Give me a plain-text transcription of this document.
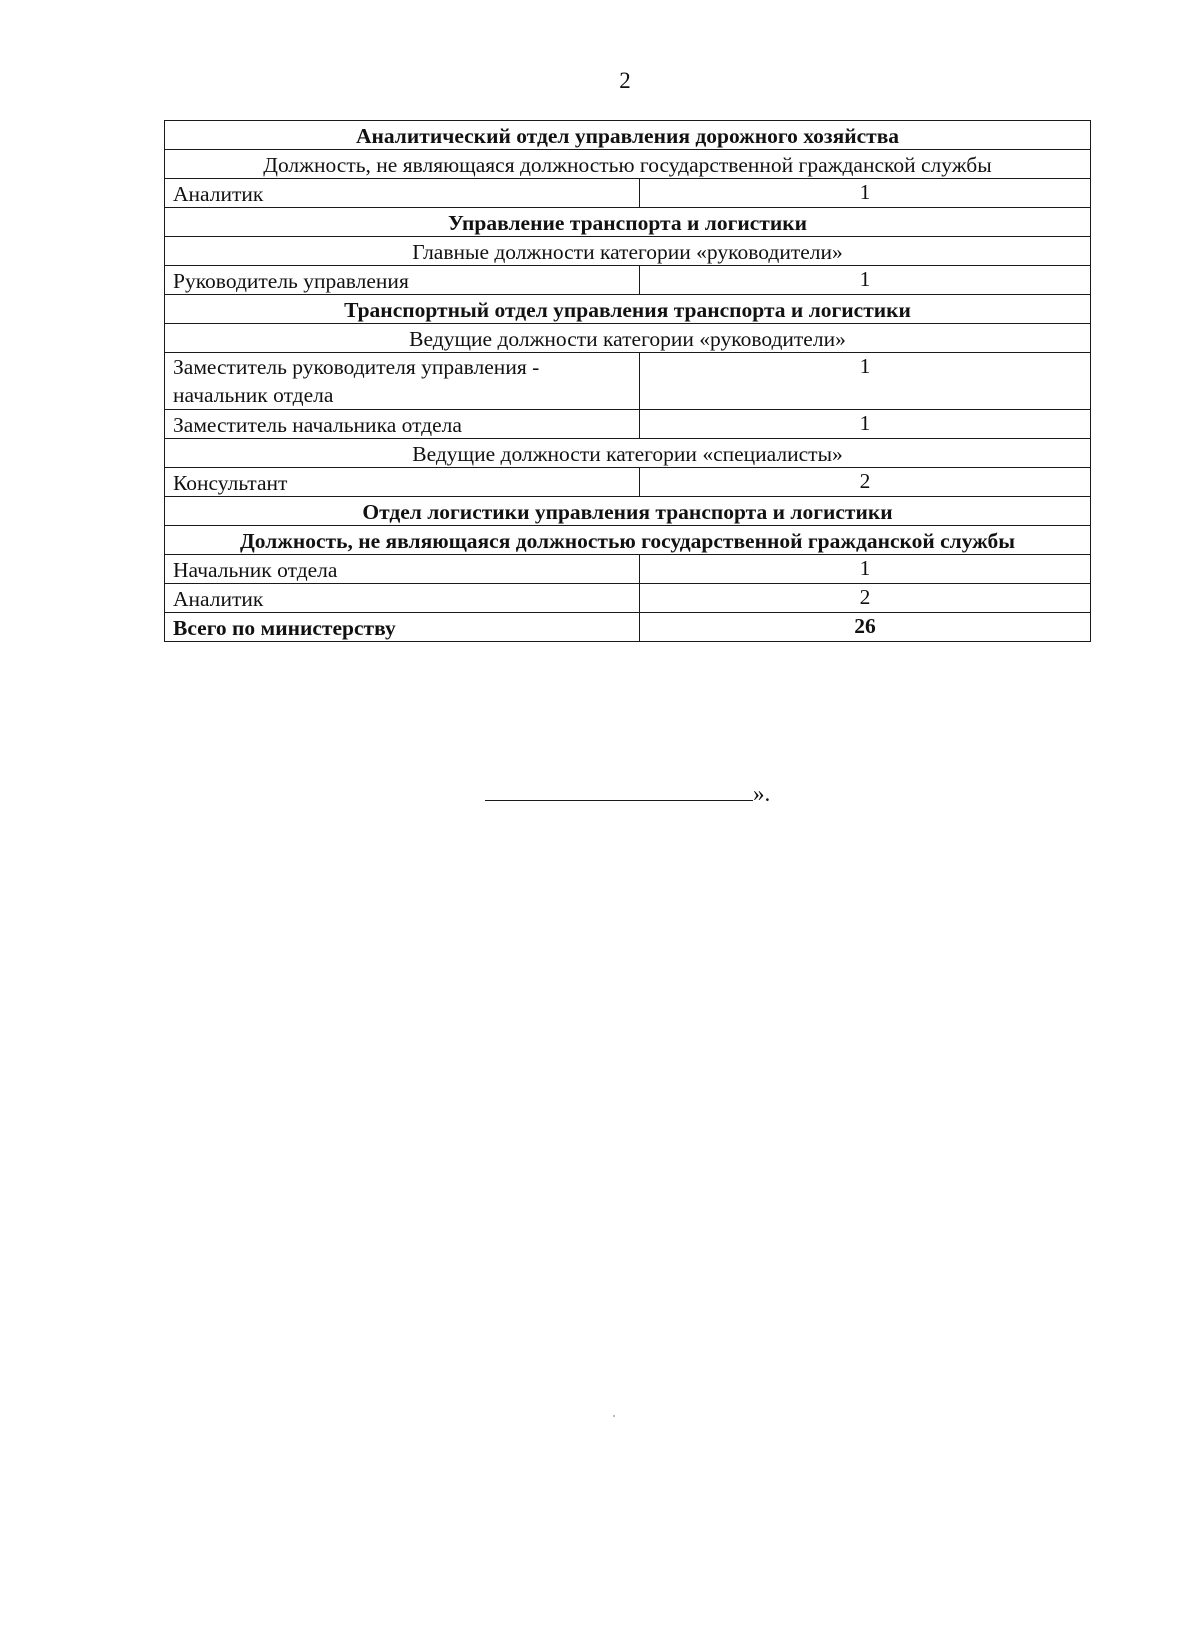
2
Аналитический отдел управления дорожного хозяйства	
Должность, не являющаяся должностью государственной гражданской службы	
Аналитик	1
Управление транспорта и логистики	
Главные должности категории «руководители»	
Руководитель управления	1
Транспортный отдел управления транспорта и логистики	
Ведущие должности категории «руководители»	
Заместитель руководителя управления - начальник отдела	1
Заместитель начальника отдела	1
Ведущие должности категории «специалисты»	
Консультант	2
Отдел логистики управления транспорта и логистики	
Должность, не являющаяся должностью государственной гражданской службы	
Начальник отдела	1
Аналитик	2
Всего по министерству	26
».
